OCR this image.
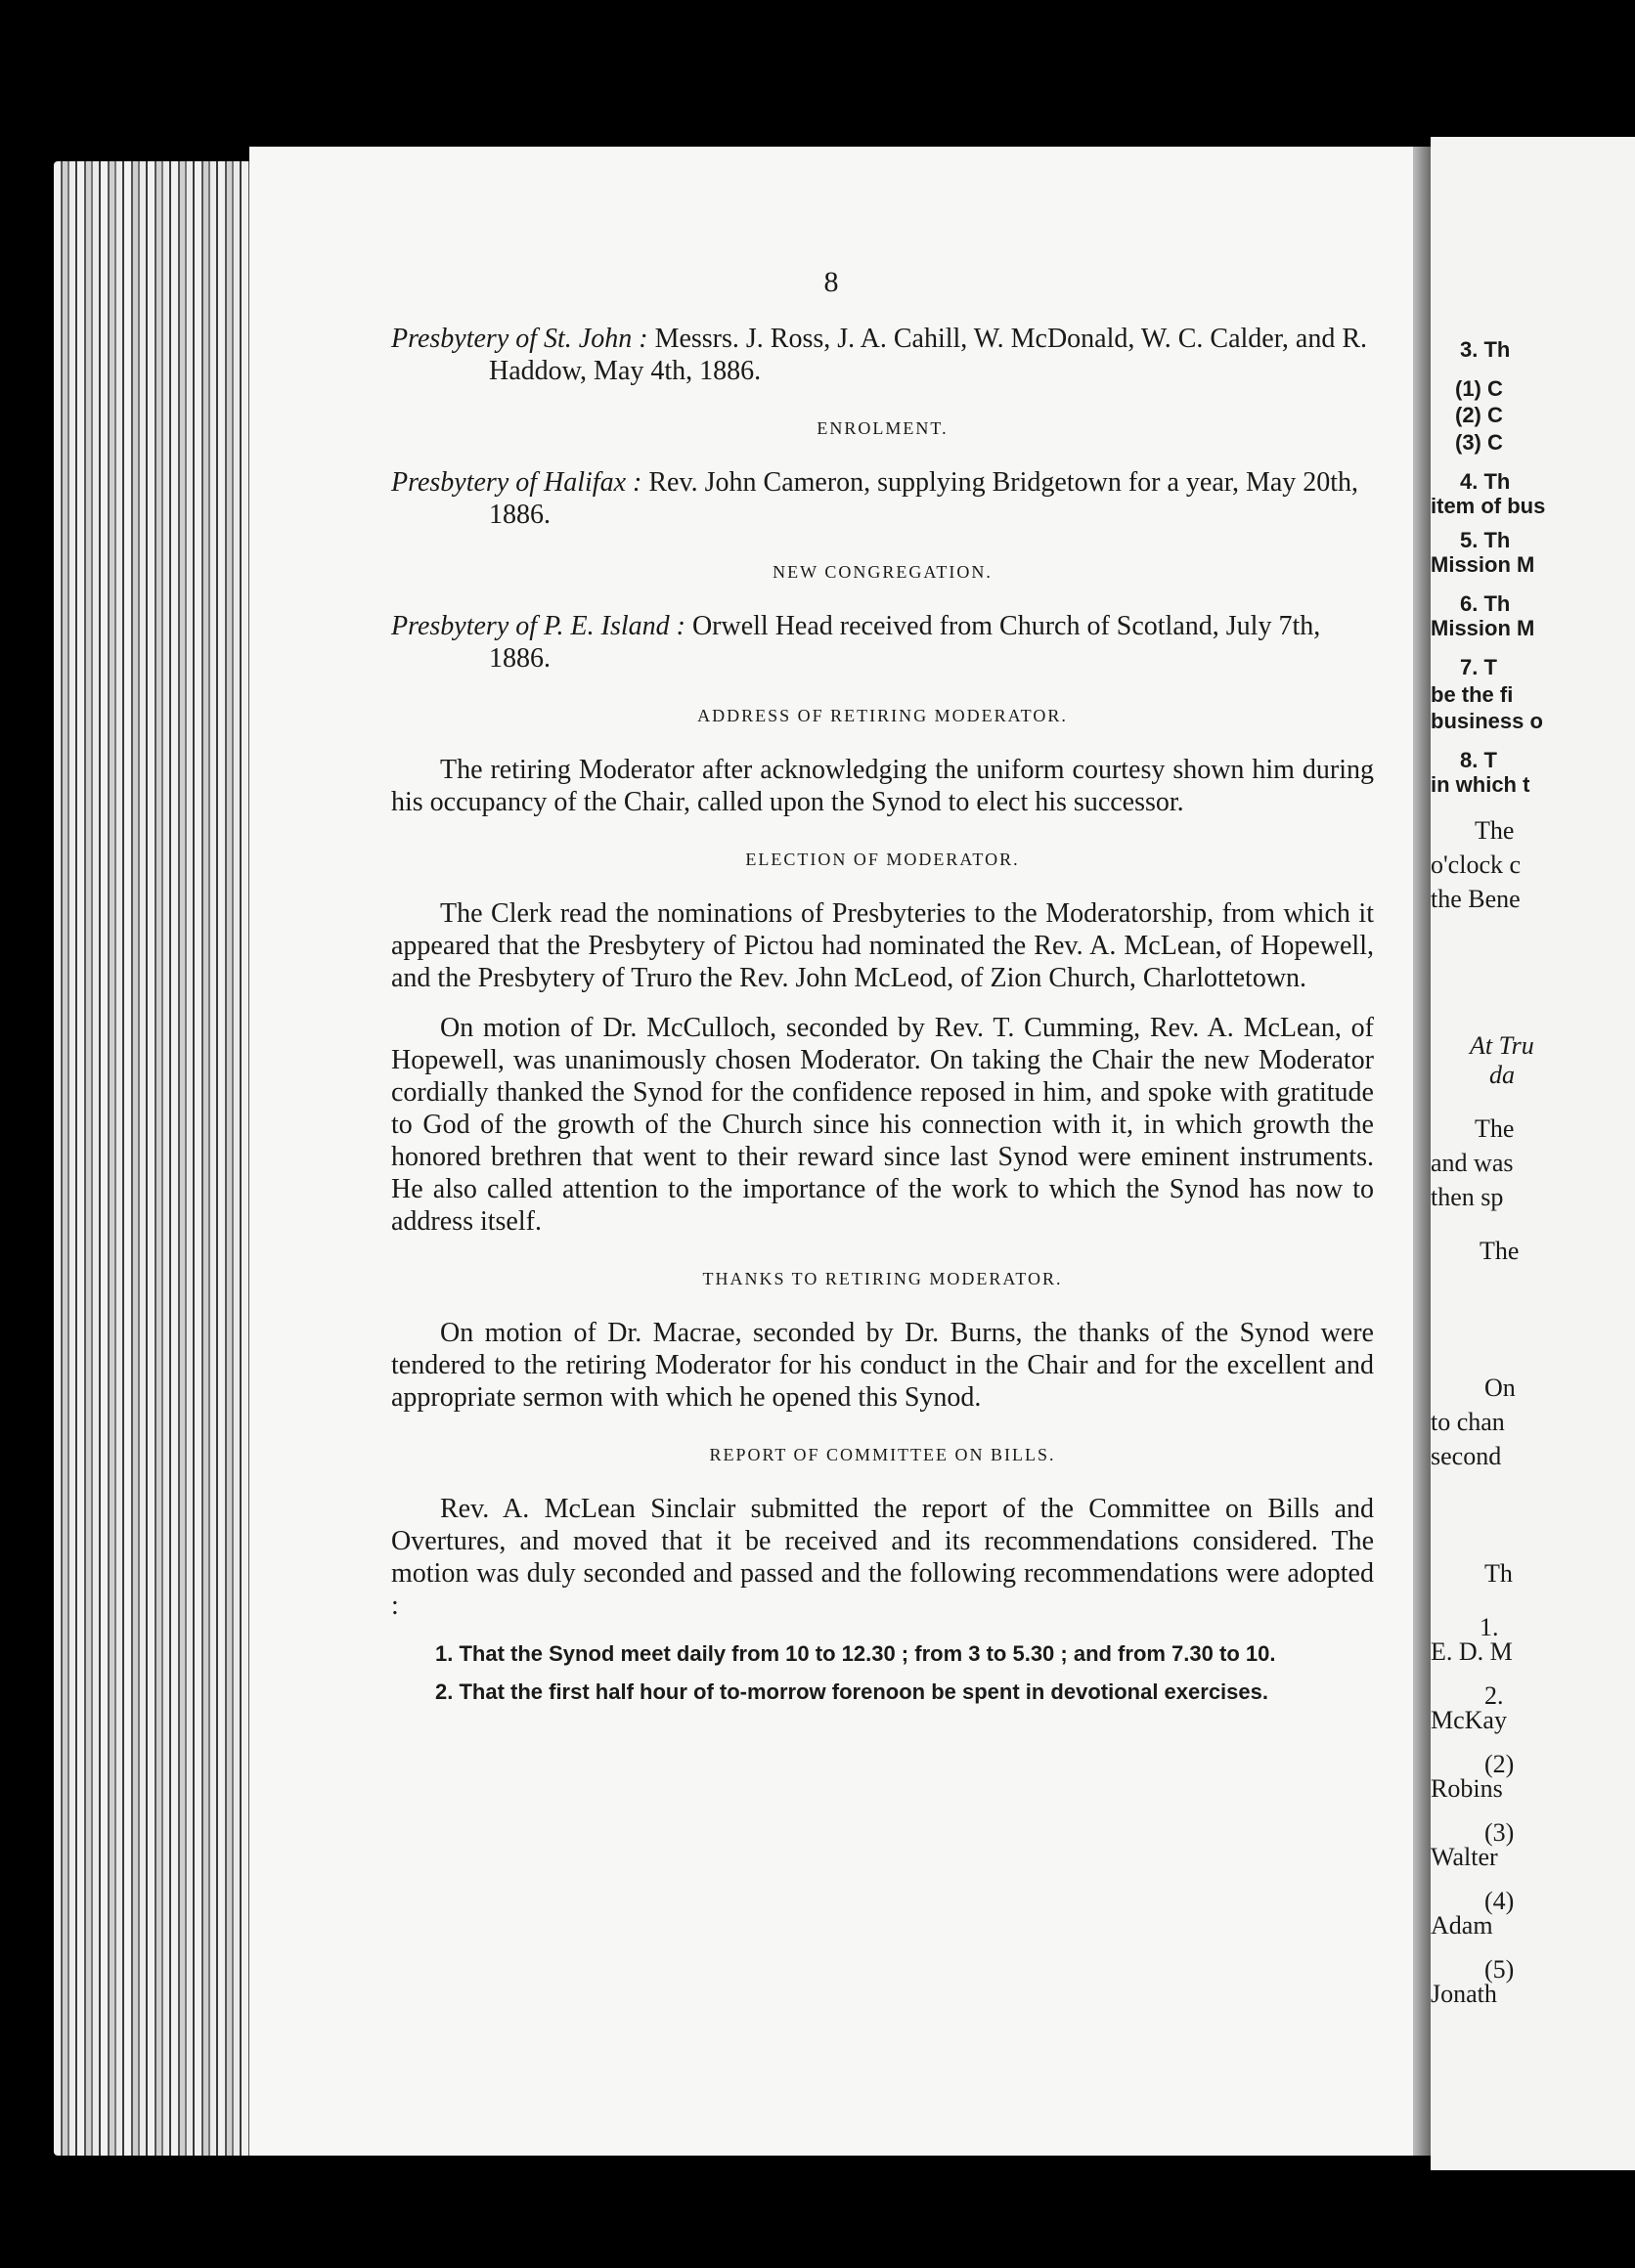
8

Presbytery of St. John : Messrs. J. Ross, J. A. Cahill, W. McDonald, W. C. Calder, and R. Haddow, May 4th, 1886.

ENROLMENT.

Presbytery of Halifax : Rev. John Cameron, supplying Bridgetown for a year, May 20th, 1886.

NEW CONGREGATION.

Presbytery of P. E. Island : Orwell Head received from Church of Scotland, July 7th, 1886.

ADDRESS OF RETIRING MODERATOR.

The retiring Moderator after acknowledging the uniform courtesy shown him during his occupancy of the Chair, called upon the Synod to elect his successor.

ELECTION OF MODERATOR.

The Clerk read the nominations of Presbyteries to the Moderatorship, from which it appeared that the Presbytery of Pictou had nominated the Rev. A. McLean, of Hopewell, and the Presbytery of Truro the Rev. John McLeod, of Zion Church, Charlottetown.

On motion of Dr. McCulloch, seconded by Rev. T. Cumming, Rev. A. McLean, of Hopewell, was unanimously chosen Moderator. On taking the Chair the new Moderator cordially thanked the Synod for the confidence reposed in him, and spoke with gratitude to God of the growth of the Church since his connection with it, in which growth the honored brethren that went to their reward since last Synod were eminent instruments. He also called attention to the importance of the work to which the Synod has now to address itself.

THANKS TO RETIRING MODERATOR.

On motion of Dr. Macrae, seconded by Dr. Burns, the thanks of the Synod were tendered to the retiring Moderator for his conduct in the Chair and for the excellent and appropriate sermon with which he opened this Synod.

REPORT OF COMMITTEE ON BILLS.

Rev. A. McLean Sinclair submitted the report of the Committee on Bills and Overtures, and moved that it be received and its recommendations considered. The motion was duly seconded and passed and the following recommendations were adopted :

1. That the Synod meet daily from 10 to 12.30 ; from 3 to 5.30 ; and from 7.30 to 10.

2. That the first half hour of to-morrow forenoon be spent in devotional exercises.

3. Th
(1) C
(2) C
(3) C
4. Th
item of bus
5. Th
Mission M
6. Th
Mission M
7. T
be the fi
business o
8. T
in which t
The
o'clock c
the Bene
At Tru
da
The
and was
then sp
The
On
to chan
second
Th
1.
E. D. M
2.
McKay
(2)
Robins
(3)
Walter
(4)
Adam
(5)
Jonath
